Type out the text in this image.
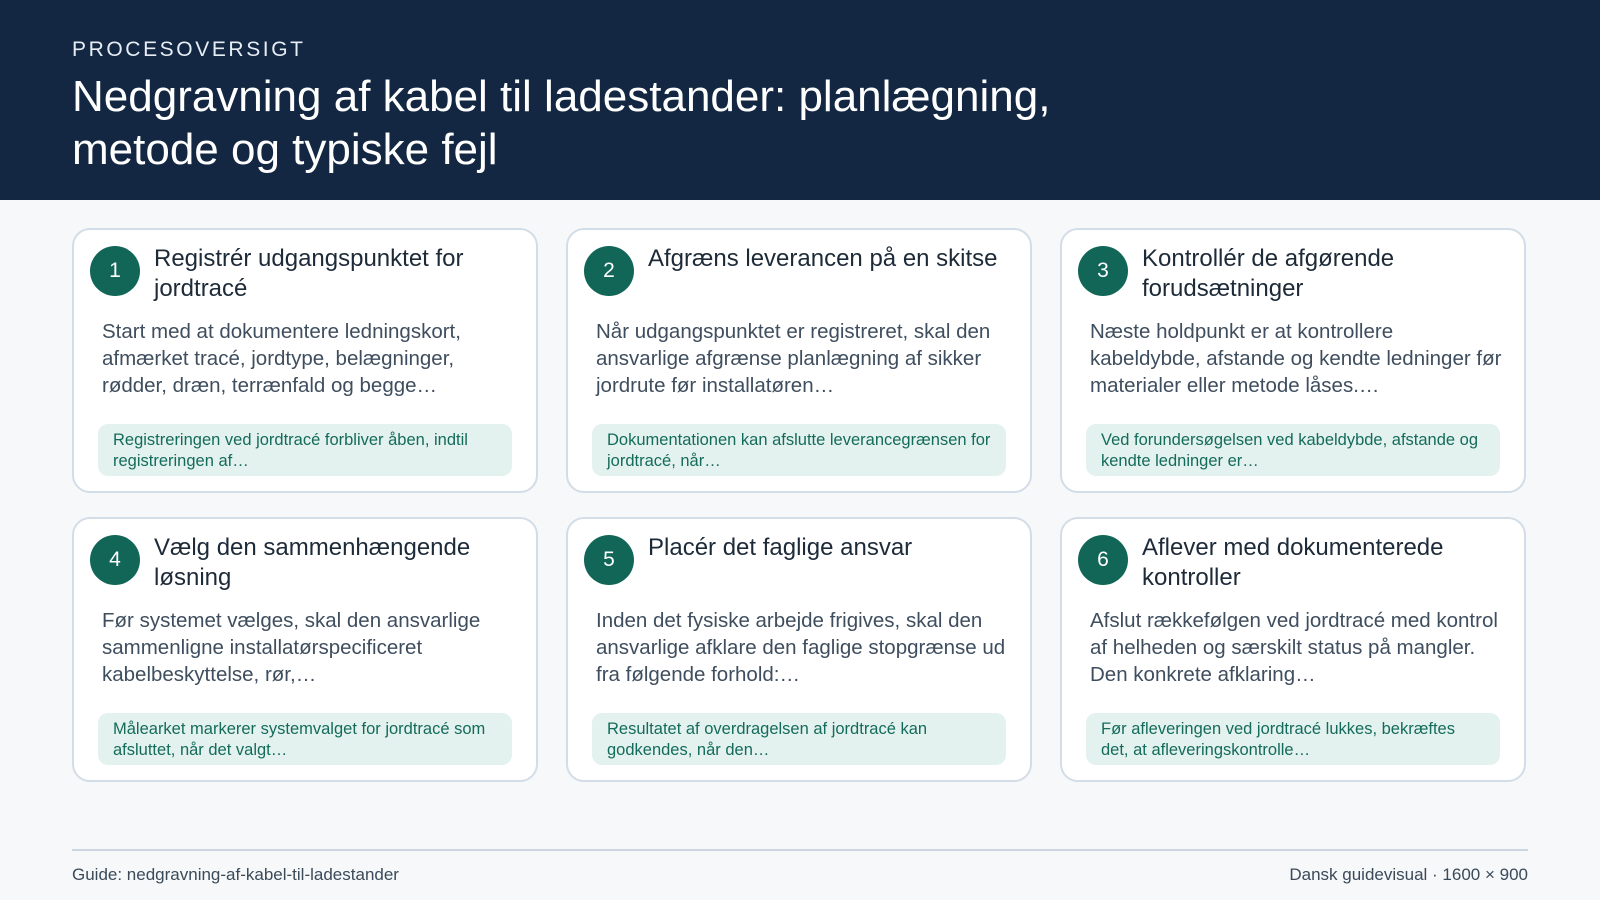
PROCESOVERSIGT
Nedgravning af kabel til ladestander: planlægning, metode og typiske fejl
1	Registrér udgangspunktet for jordtracé
Start med at dokumentere ledningskort, afmærket tracé, jordtype, belægninger, rødder, dræn, terrænfald og begge…
Registreringen ved jordtracé forbliver åben, indtil registreringen af…
2	Afgræns leverancen på en skitse
Når udgangspunktet er registreret, skal den ansvarlige afgrænse planlægning af sikker jordrute før installatøren…
Dokumentationen kan afslutte leverancegrænsen for jordtracé, når…
3	Kontrollér de afgørende forudsætninger
Næste holdpunkt er at kontrollere kabeldybde, afstande og kendte ledninger før materialer eller metode låses.…
Ved forundersøgelsen ved kabeldybde, afstande og kendte ledninger er…
4	Vælg den sammenhængende løsning
Før systemet vælges, skal den ansvarlige sammenligne installatørspecificeret kabelbeskyttelse, rør,…
Målearket markerer systemvalget for jordtracé som afsluttet, når det valgt…
5	Placér det faglige ansvar
Inden det fysiske arbejde frigives, skal den ansvarlige afklare den faglige stopgrænse ud fra følgende forhold:…
Resultatet af overdragelsen af jordtracé kan godkendes, når den…
6	Aflever med dokumenterede kontroller
Afslut rækkefølgen ved jordtracé med kontrol af helheden og særskilt status på mangler. Den konkrete afklaring…
Før afleveringen ved jordtracé lukkes, bekræftes det, at afleveringskontrolle…
Guide: nedgravning-af-kabel-til-ladestander	Dansk guidevisual · 1600 × 900
